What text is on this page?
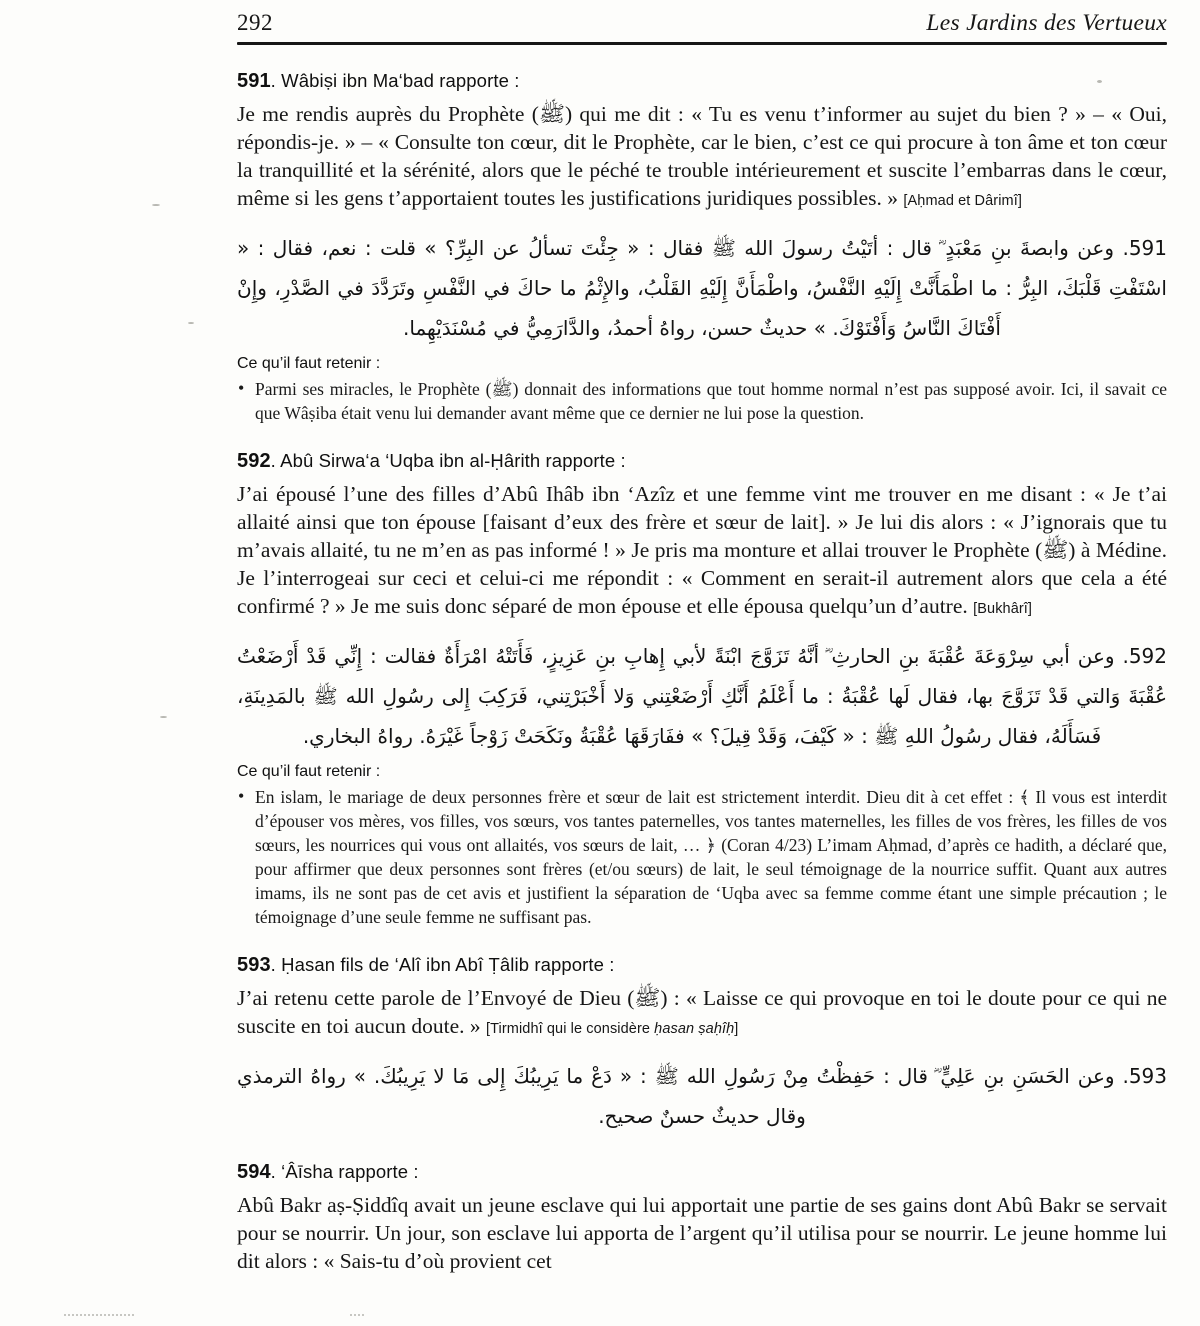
292	Les Jardins des Vertueux
591. Wâbiṣi ibn Ma‘bad rapporte :

Je me rendis auprès du Prophète (ﷺ) qui me dit : « Tu es venu t’informer au sujet du bien ? » – « Oui, répondis-je. » – « Consulte ton cœur, dit le Prophète, car le bien, c’est ce qui procure à ton âme et ton cœur la tranquillité et la sérénité, alors que le péché te trouble intérieurement et suscite l’embarras dans le cœur, même si les gens t’apportaient toutes les justifications juridiques possibles. » [Aḥmad et Dârimî]

591. وعن وابصةَ بنِ مَعْبَدٍ ؓ قال : أتَيْتُ رسولَ الله ﷺ فقال : « جِئْتَ تسألُ عن البِرِّ؟ » قلت : نعم، فقال : « اسْتَفْتِ قَلْبَكَ، البِرُّ : ما اطْمَأَنَّتْ إِلَيْهِ النَّفْسُ، واطْمَأَنَّ إِلَيْهِ القَلْبُ، والإِثْمُ ما حاكَ في النَّفْسِ وتَرَدَّدَ في الصَّدْرِ، وإِنْ أَفْتَاكَ النَّاسُ وَأَفْتَوْكَ. » حديثٌ حسن، رواهُ أحمدُ، والدَّارَمِيُّ في مُسْنَدَيْهِما.

Ce qu’il faut retenir :
• Parmi ses miracles, le Prophète (ﷺ) donnait des informations que tout homme normal n’est pas supposé avoir. Ici, il savait ce que Wâṣiba était venu lui demander avant même que ce dernier ne lui pose la question.
592. Abû Sirwa‘a ‘Uqba ibn al-Ḥârith rapporte :

J’ai épousé l’une des filles d’Abû Ihâb ibn ‘Azîz et une femme vint me trouver en me disant : « Je t’ai allaité ainsi que ton épouse [faisant d’eux des frère et sœur de lait]. » Je lui dis alors : « J’ignorais que tu m’avais allaité, tu ne m’en as pas informé ! » Je pris ma monture et allai trouver le Prophète (ﷺ) à Médine. Je l’interrogeai sur ceci et celui-ci me répondit : « Comment en serait-il autrement alors que cela a été confirmé ? » Je me suis donc séparé de mon épouse et elle épousa quelqu’un d’autre. [Bukhârî]

592. وعن أبي سِرْوَعَةَ عُقْبَةَ بنِ الحارثِ ؓ أنَّهُ تَزَوَّجَ ابْنَةً لأبي إِهابِ بنِ عَزِيزٍ، فَأَتَتْهُ امْرَأَةٌ فقالت : إِنِّي قَدْ أَرْضَعْتُ عُقْبَةَ وَالتي قَدْ تَزَوَّجَ بها، فقال لَها عُقْبَةُ : ما أَعْلَمُ أَنَّكِ أَرْضَعْتِني وَلا أَخْبَرْتِني، فَرَكِبَ إِلى رسُولِ الله ﷺ بالمَدِينَةِ، فَسَأَلَهُ، فقال رسُولُ اللهِ ﷺ : « كَيْفَ، وَقَدْ قِيلَ؟ » ففَارَقَهَا عُقْبَةُ ونَكَحَتْ زَوْجاً غَيْرَهُ. رواهُ البخاري.

Ce qu’il faut retenir :
• En islam, le mariage de deux personnes frère et sœur de lait est strictement interdit. Dieu dit à cet effet : ﴾ Il vous est interdit d’épouser vos mères, vos filles, vos sœurs, vos tantes paternelles, vos tantes maternelles, les filles de vos frères, les filles de vos sœurs, les nourrices qui vous ont allaités, vos sœurs de lait, … ﴿ (Coran 4/23) L’imam Aḥmad, d’après ce hadith, a déclaré que, pour affirmer que deux personnes sont frères (et/ou sœurs) de lait, le seul témoignage de la nourrice suffit. Quant aux autres imams, ils ne sont pas de cet avis et justifient la séparation de ‘Uqba avec sa femme comme étant une simple précaution ; le témoignage d’une seule femme ne suffisant pas.
593. Ḥasan fils de ‘Alî ibn Abî Ṭâlib rapporte :

J’ai retenu cette parole de l’Envoyé de Dieu (ﷺ) : « Laisse ce qui provoque en toi le doute pour ce qui ne suscite en toi aucun doute. » [Tirmidhî qui le considère ḥasan ṣaḥîḥ]

593. وعن الحَسَنِ بنِ عَلِيٍّ ؓ قال : حَفِظْتُ مِنْ رَسُولِ الله ﷺ : « دَعْ ما يَرِيبُكَ إِلى مَا لا يَرِيبُكَ. » رواهُ الترمذي وقال حديثٌ حسنٌ صحيح.

594. ‘Âīsha rapporte :

Abû Bakr aṣ-Ṣiddîq avait un jeune esclave qui lui apportait une partie de ses gains dont Abû Bakr se servait pour se nourrir. Un jour, son esclave lui apporta de l’argent qu’il utilisa pour se nourrir. Le jeune homme lui dit alors : « Sais-tu d’où provient cet
